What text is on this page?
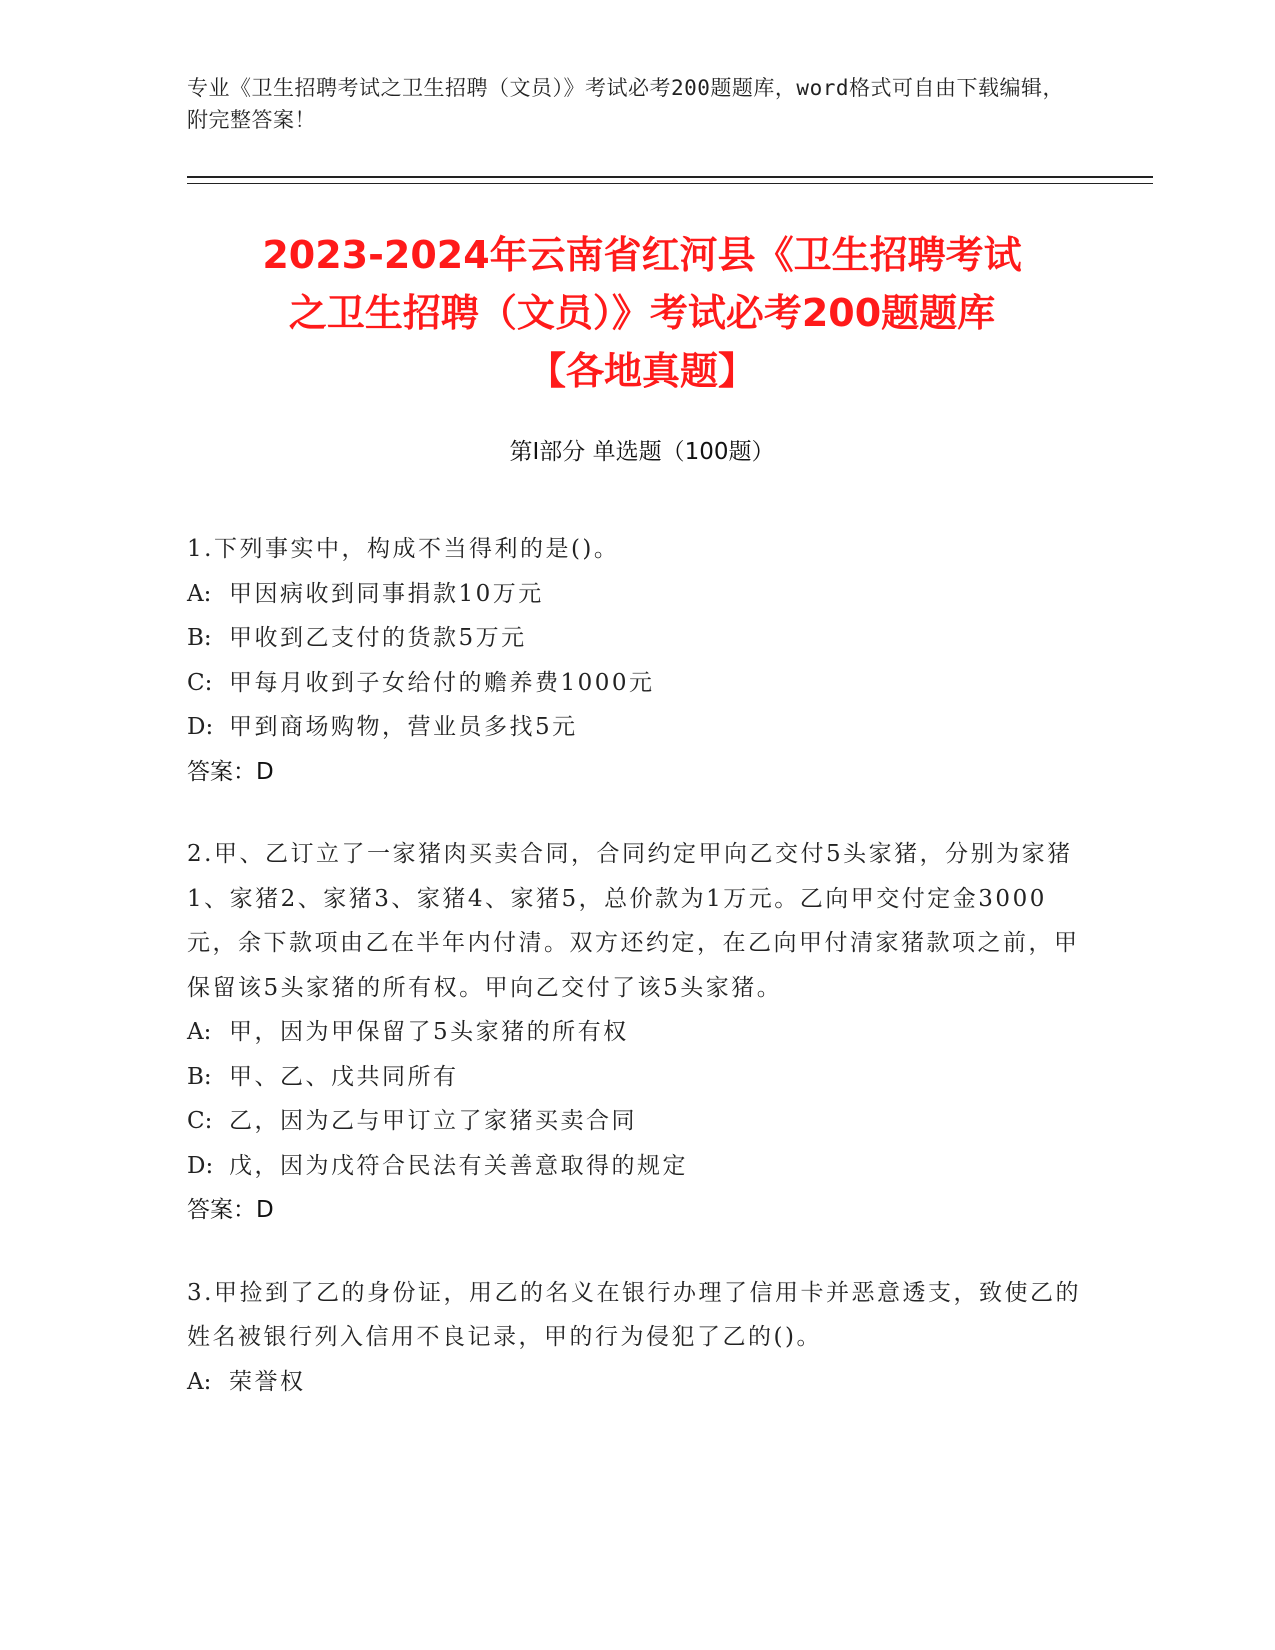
专业《卫生招聘考试之卫生招聘（文员）》考试必考200题题库，word格式可自由下载编辑，附完整答案！
2023-2024年云南省红河县《卫生招聘考试
之卫生招聘（文员）》考试必考200题题库
【各地真题】
第Ⅰ部分 单选题（100题）
1.下列事实中，构成不当得利的是()。
A: 甲因病收到同事捐款10万元
B: 甲收到乙支付的货款5万元
C: 甲每月收到子女给付的赡养费1000元
D: 甲到商场购物，营业员多找5元
答案：D
2.甲、乙订立了一家猪肉买卖合同，合同约定甲向乙交付5头家猪，分别为家猪1、家猪2、家猪3、家猪4、家猪5，总价款为1万元。乙向甲交付定金3000元，余下款项由乙在半年内付清。双方还约定，在乙向甲付清家猪款项之前，甲保留该5头家猪的所有权。甲向乙交付了该5头家猪。
A: 甲，因为甲保留了5头家猪的所有权
B: 甲、乙、戊共同所有
C: 乙，因为乙与甲订立了家猪买卖合同
D: 戊，因为戊符合民法有关善意取得的规定
答案：D
3.甲捡到了乙的身份证，用乙的名义在银行办理了信用卡并恶意透支，致使乙的姓名被银行列入信用不良记录，甲的行为侵犯了乙的()。
A: 荣誉权
